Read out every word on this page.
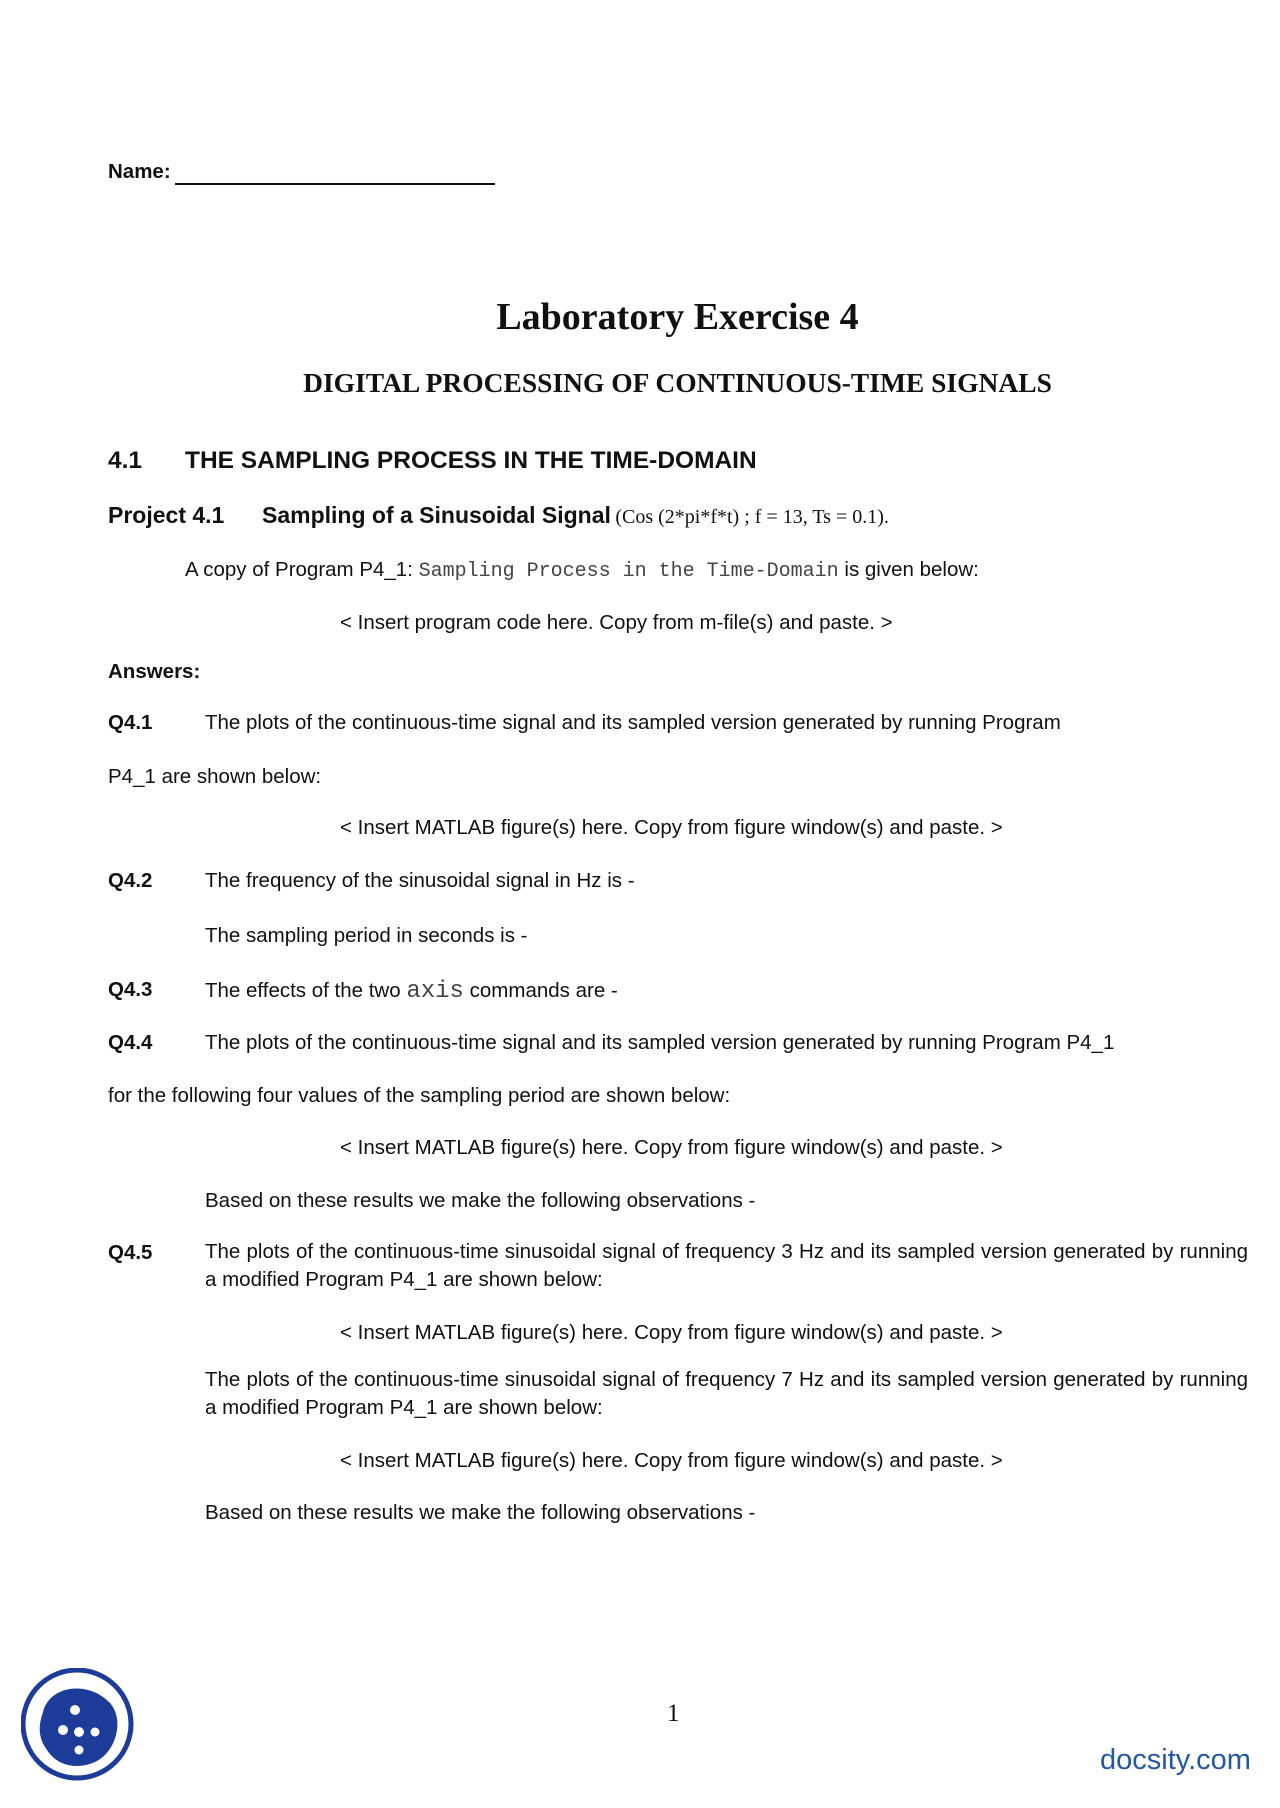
Name:
Laboratory Exercise 4
DIGITAL PROCESSING OF CONTINUOUS-TIME SIGNALS
4.1 THE SAMPLING PROCESS IN THE TIME-DOMAIN
Project 4.1 Sampling of a Sinusoidal Signal (Cos (2*pi*f*t) ; f = 13, Ts = 0.1).
A copy of Program P4_1: Sampling Process in the Time-Domain is given below:
< Insert program code here. Copy from m-file(s) and paste. >
Answers:
Q4.1	The plots of the continuous-time signal and its sampled version generated by running Program
P4_1 are shown below:
< Insert MATLAB figure(s) here. Copy from figure window(s) and paste. >
Q4.2	The frequency of the sinusoidal signal in Hz is -
The sampling period in seconds is -
Q4.3	The effects of the two axis commands are -
Q4.4	The plots of the continuous-time signal and its sampled version generated by running Program P4_1
for the following four values of the sampling period are shown below:
< Insert MATLAB figure(s) here. Copy from figure window(s) and paste. >
Based on these results we make the following observations -
Q4.5	The plots of the continuous-time sinusoidal signal of frequency 3 Hz and its sampled version generated by running a modified Program P4_1 are shown below:
< Insert MATLAB figure(s) here. Copy from figure window(s) and paste. >
The plots of the continuous-time sinusoidal signal of frequency 7 Hz and its sampled version generated by running a modified Program P4_1 are shown below:
< Insert MATLAB figure(s) here. Copy from figure window(s) and paste. >
Based on these results we make the following observations -
1
docsity.com
